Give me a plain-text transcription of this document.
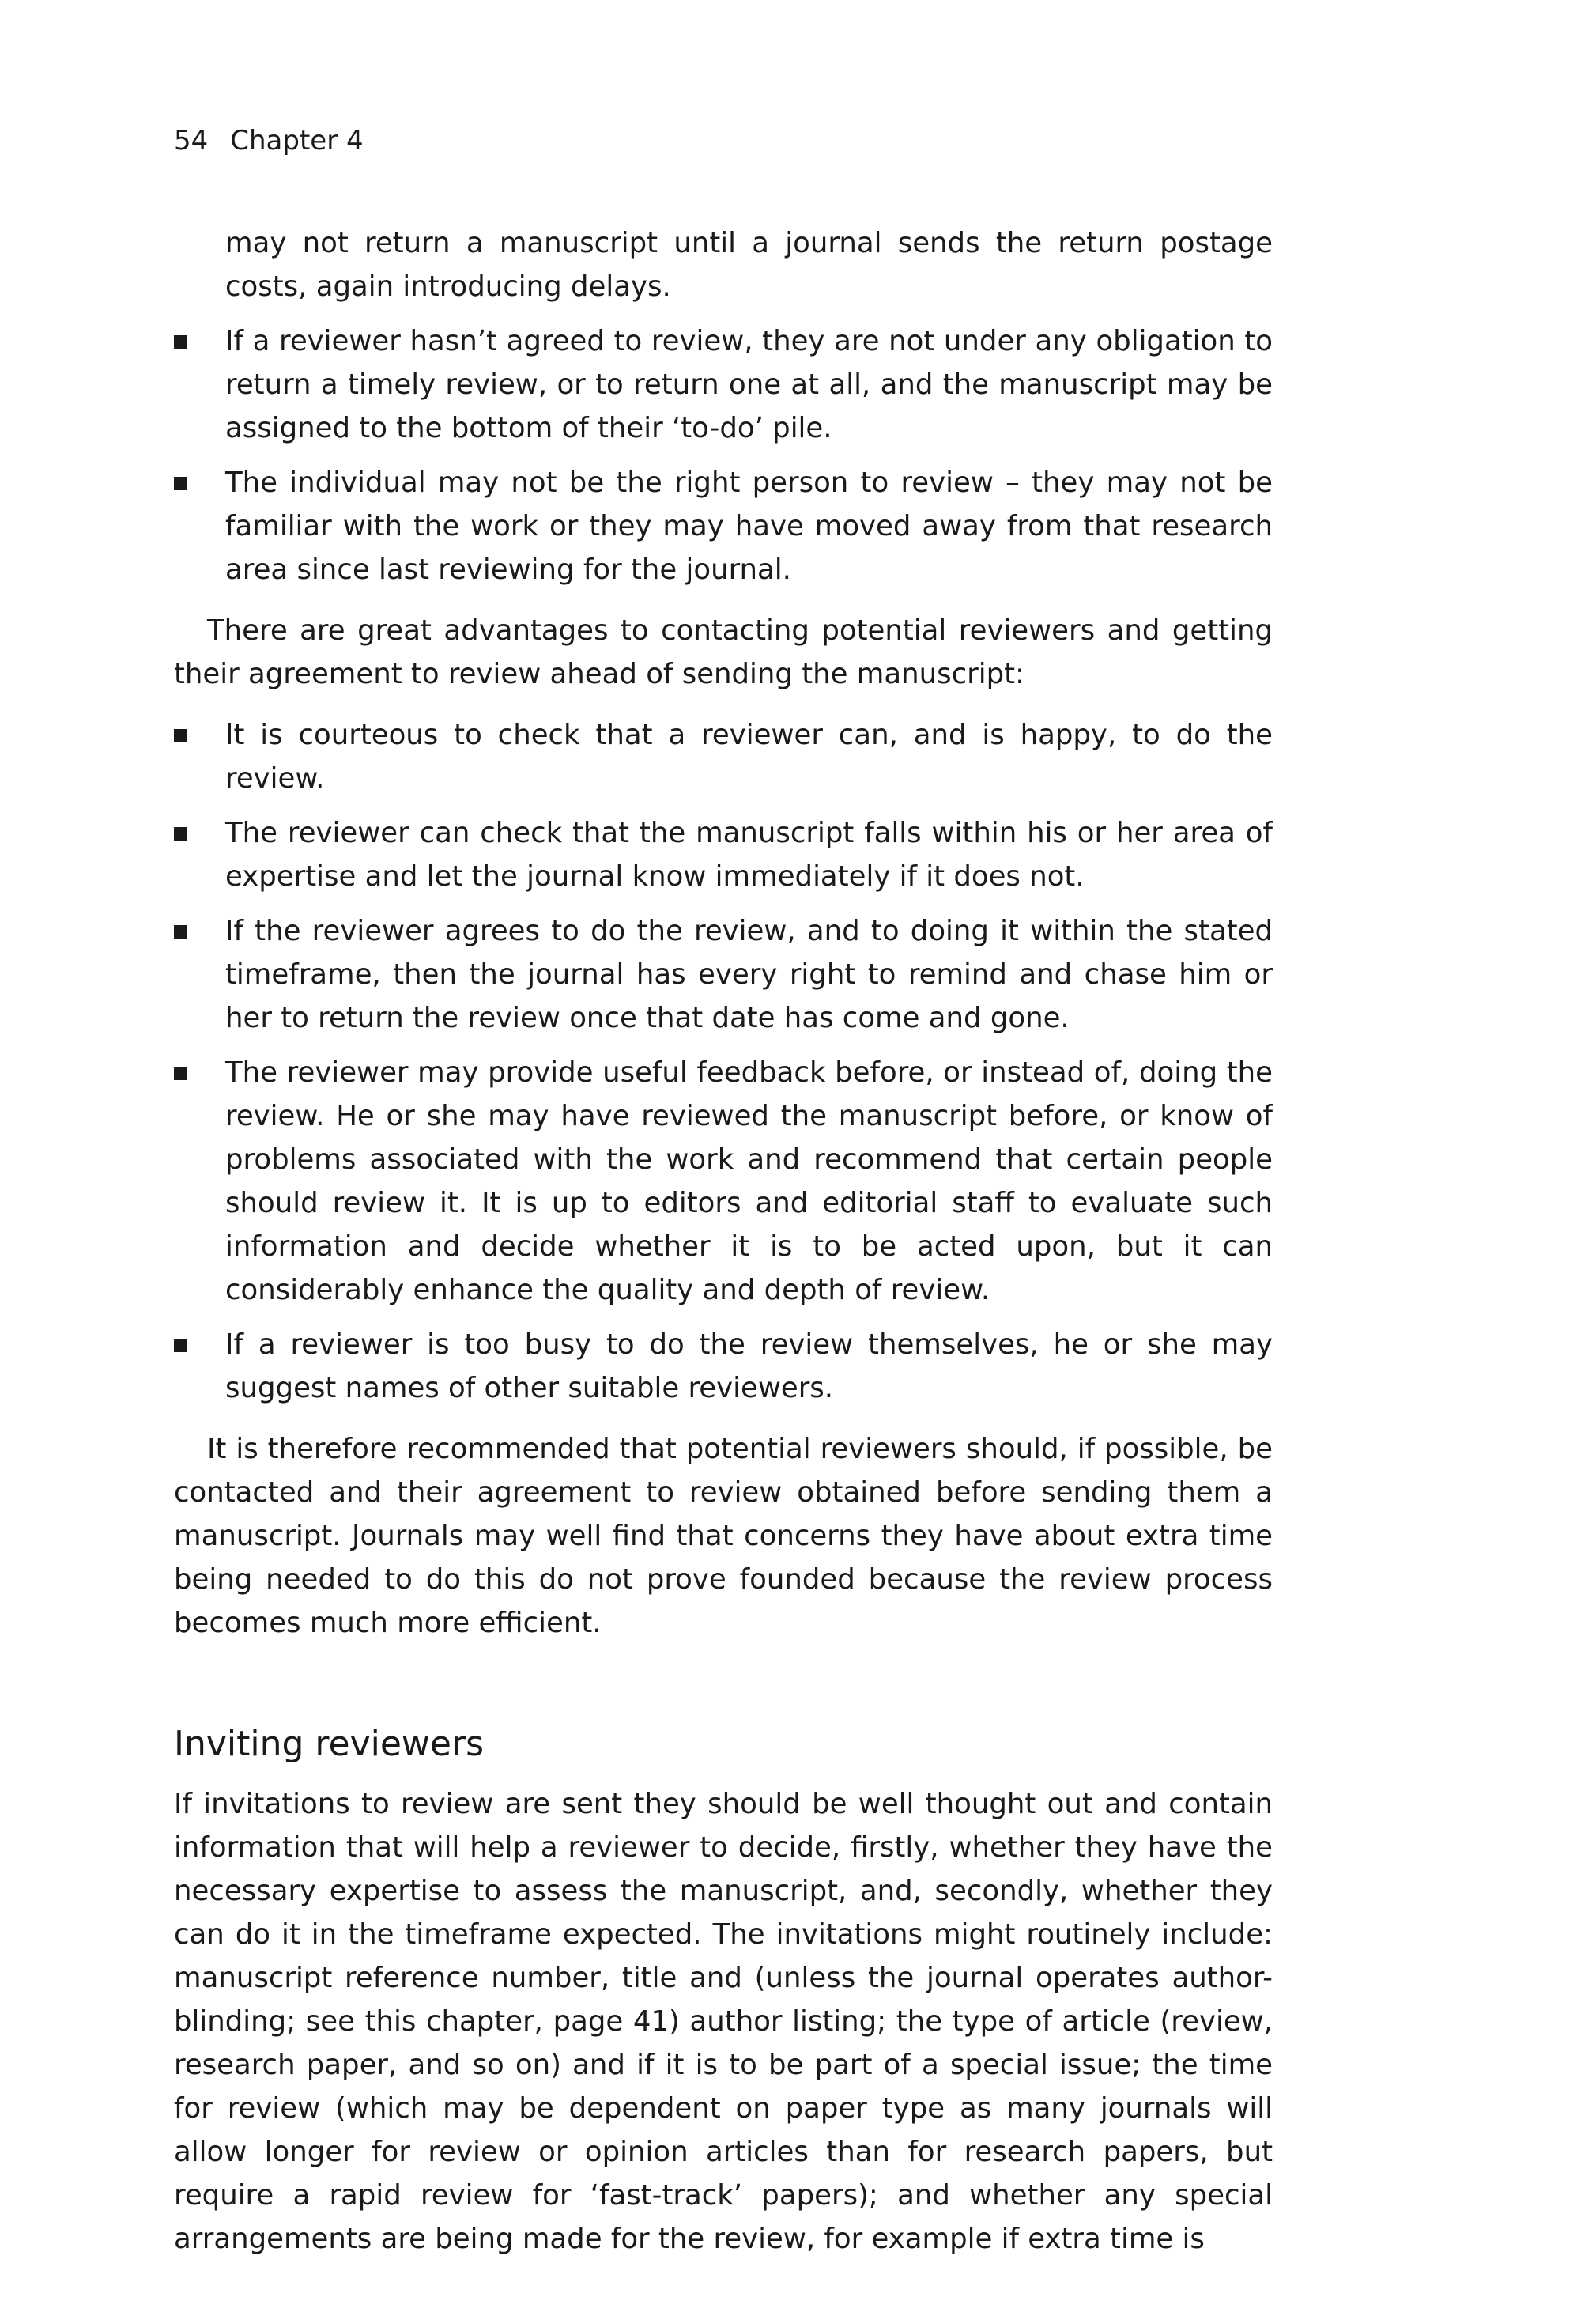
54 Chapter 4

may not return a manuscript until a journal sends the return postage costs, again introducing delays.

If a reviewer hasn’t agreed to review, they are not under any obligation to return a timely review, or to return one at all, and the manuscript may be assigned to the bottom of their ‘to-do’ pile.
The individual may not be the right person to review – they may not be familiar with the work or they may have moved away from that research area since last reviewing for the journal.

There are great advantages to contacting potential reviewers and getting their agreement to review ahead of sending the manuscript:

It is courteous to check that a reviewer can, and is happy, to do the review.
The reviewer can check that the manuscript falls within his or her area of expertise and let the journal know immediately if it does not.
If the reviewer agrees to do the review, and to doing it within the stated timeframe, then the journal has every right to remind and chase him or her to return the review once that date has come and gone.
The reviewer may provide useful feedback before, or instead of, doing the review. He or she may have reviewed the manuscript before, or know of problems associated with the work and recommend that certain people should review it. It is up to editors and editorial staff to evaluate such information and decide whether it is to be acted upon, but it can considerably enhance the quality and depth of review.
If a reviewer is too busy to do the review themselves, he or she may suggest names of other suitable reviewers.

It is therefore recommended that potential reviewers should, if possible, be contacted and their agreement to review obtained before sending them a manuscript. Journals may well find that concerns they have about extra time being needed to do this do not prove founded because the review process becomes much more efficient.

Inviting reviewers

If invitations to review are sent they should be well thought out and contain information that will help a reviewer to decide, firstly, whether they have the necessary expertise to assess the manuscript, and, secondly, whether they can do it in the timeframe expected. The invitations might routinely include: manuscript reference number, title and (unless the journal operates author-blinding; see this chapter, page 41) author listing; the type of article (review, research paper, and so on) and if it is to be part of a special issue; the time for review (which may be dependent on paper type as many journals will allow longer for review or opinion articles than for research papers, but require a rapid review for ‘fast-track’ papers); and whether any special arrangements are being made for the review, for example if extra time is
